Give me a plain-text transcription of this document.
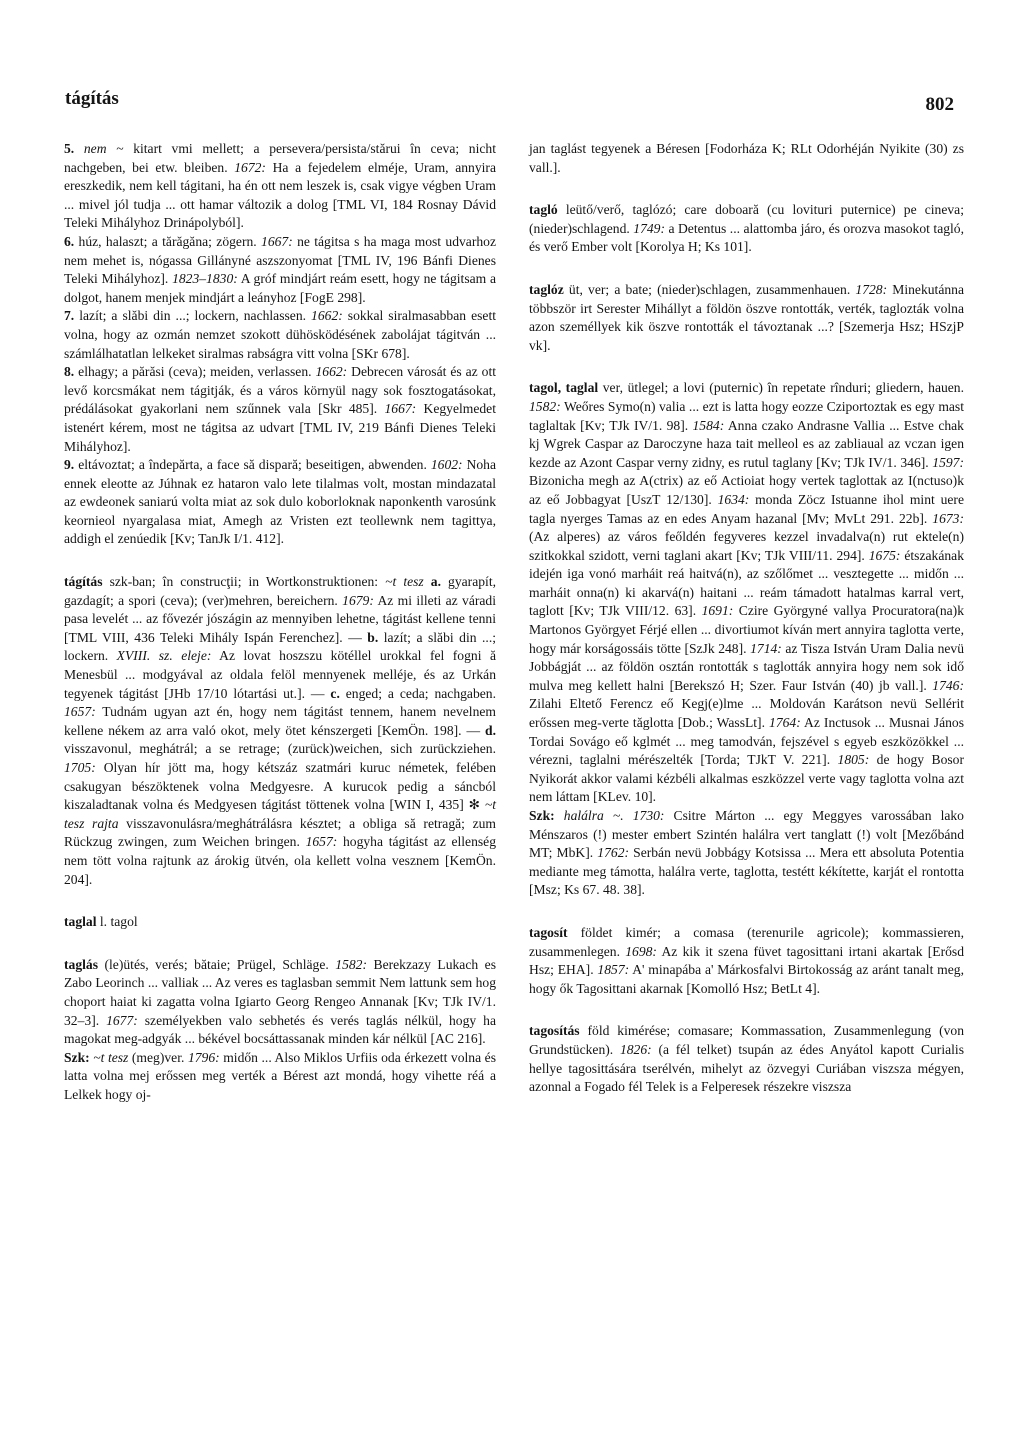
tágítás	802

5. nem ~ kitart vmi mellett; a persevera/persista/stărui în ceva; nicht nachgeben, bei etw. bleiben. 1672: Ha a fejedelem elméje, Uram, annyira ereszkedik, nem kell tágitani, ha én ott nem leszek is, csak vigye végben Uram ... mivel jól tudja ... ott hamar változik a dolog [TML VI, 184 Rosnay Dávid Teleki Mihályhoz Drinápolyból].

6. húz, halaszt; a tărăgăna; zögern. 1667: ne tágitsa s ha maga most udvarhoz nem mehet is, nógassa Gillányné aszszonyomat [TML IV, 196 Bánfi Dienes Teleki Mihályhoz]. 1823–1830: A gróf mindjárt reám esett, hogy ne tágitsam a dolgot, hanem menjek mindjárt a leányhoz [FogE 298].

7. lazít; a slăbi din ...; lockern, nachlassen. 1662: sokkal siralmasabban esett volna, hogy az ozmán nemzet szokott dühösködésének zabolájat tágitván ... számlálhatatlan lelkeket siralmas rabságra vitt volna [SKr 678].

8. elhagy; a părăsi (ceva); meiden, verlassen. 1662: Debrecen városát és az ott levő korcsmákat nem tágitják, és a város környül nagy sok fosztogatásokat, prédálásokat gyakorlani nem szűnnek vala [Skr 485]. 1667: Kegyelmedet istenért kérem, most ne tágitsa az udvart [TML IV, 219 Bánfi Dienes Teleki Mihályhoz].

9. eltávoztat; a îndepărta, a face să dispară; beseitigen, abwenden. 1602: Noha ennek eleotte az Júhnak ez hataron valo lete tilalmas volt, mostan mindazatal az ewdeonek saniarú volta miat az sok dulo koborloknak naponkenth varosúnk keornieol nyargalasa miat, Amegh az Vristen ezt teollewnk nem tagittya, addigh el zenúedik [Kv; TanJk I/1. 412].

tágítás szk-ban; în construcţii; in Wortkonstruktionen: ~t tesz a. gyarapít, gazdagít; a spori (ceva); (ver)mehren, bereichern. 1679: Az mi illeti az váradi pasa levelét ... az fővezér jószágin az mennyiben lehetne, tágitást kellene tenni [TML VIII, 436 Teleki Mihály Ispán Ferenchez]. — b. lazít; a slăbi din ...; lockern. XVIII. sz. eleje: Az lovat hoszszu kötéllel urokkal fel fogni ă Menesbül ... modgyával az oldala felöl mennyenek melléje, és az Urkán tegyenek tágitást [JHb 17/10 lótartási ut.]. — c. enged; a ceda; nachgaben. 1657: Tudnám ugyan azt én, hogy nem tágitást tennem, hanem nevelnem kellene nékem az arra való okot, mely ötet kénszergeti [KemÖn. 198]. — d. visszavonul, meghátrál; a se retrage; (zurück)weichen, sich zurückziehen. 1705: Olyan hír jött ma, hogy kétszáz szatmári kuruc németek, felében csakugyan bészöktenek volna Medgyesre. A kurucok pedig a sáncból kiszaladtanak volna és Medgyesen tágitást töttenek volna [WIN I, 435] ✻ ~t tesz rajta visszavonulásra/meghátrálásra késztet; a obliga să retragă; zum Rückzug zwingen, zum Weichen bringen. 1657: hogyha tágitást az ellenség nem tött volna rajtunk az árokig ütvén, ola kellett volna vesznem [KemÖn. 204].

taglal l. tagol

taglás (le)ütés, verés; bătaie; Prügel, Schläge. 1582: Berekzazy Lukach es Zabo Leorinch ... valliak ... Az veres es taglasban semmit Nem lattunk sem hog choport haiat ki zagatta volna Igiarto Georg Rengeo Annanak [Kv; TJk IV/1. 32–3]. 1677: személyekben valo sebhetés és verés taglás nélkül, hogy ha magokat meg-adgyák ... békével bocsáttassanak minden kár nélkül [AC 216].

Szk: ~t tesz (meg)ver. 1796: midőn ... Also Miklos Urfiis oda érkezett volna és latta volna mej erőssen meg verték a Bérest azt mondá, hogy vihette réá a Lelkek hogy oj-

jan taglást tegyenek a Béresen [Fodorháza K; RLt Odorhéján Nyikite (30) zs vall.].

tagló leütő/verő, taglózó; care doboară (cu lovituri puternice) pe cineva; (nieder)schlagend. 1749: a Detentus ... alattomba járo, és orozva masokot tagló, és verő Ember volt [Korolya H; Ks 101].

taglóz üt, ver; a bate; (nieder)schlagen, zusammenhauen. 1728: Minekutánna többször irt Serester Mihállyt a földön öszve rontották, verték, taglozták volna azon személlyek kik öszve rontották el távoztanak ...? [Szemerja Hsz; HSzjP vk].

tagol, taglal ver, ütlegel; a lovi (puternic) în repetate rînduri; gliedern, hauen. 1582: Weőres Symo(n) valia ... ezt is latta hogy eozze Cziportoztak es egy mast taglaltak [Kv; TJk IV/1. 98]. 1584: Anna czako Andrasne Vallia ... Estve chak kj Wgrek Caspar az Daroczyne haza tait melleol es az zabliaual az vczan igen kezde az Azont Caspar verny zidny, es rutul taglany [Kv; TJk IV/1. 346]. 1597: Bizonicha megh az A(ctrix) az eő Actioiat hogy vertek taglottak az I(nctuso)k az eő Jobbagyat [UszT 12/130]. 1634: monda Zöcz Istuanne ihol mint uere tagla nyerges Tamas az en edes Anyam hazanal [Mv; MvLt 291. 22b]. 1673: (Az alperes) az város feőldén fegyveres kezzel invadalva(n) rut ektele(n) szitkokkal szidott, verni taglani akart [Kv; TJk VIII/11. 294]. 1675: étszakának idején iga vonó marháit reá haitvá(n), az szőlőmet ... vesztegette ... midőn ... marháit onna(n) ki akarvá(n) haitani ... reám támadott hatalmas karral vert, taglott [Kv; TJk VIII/12. 63]. 1691: Czire Györgyné vallya Procuratora(na)k Martonos Györgyet Férjé ellen ... divortiumot kíván mert annyira taglotta verte, hogy már korságossáis tötte [SzJk 248]. 1714: az Tisza István Uram Dalia nevü Jobbágját ... az földön osztán rontották s taglották annyira hogy nem sok idő mulva meg kellett halni [Berekszó H; Szer. Faur István (40) jb vall.]. 1746: Zilahi Eltető Ferencz eő Kegj(e)lme ... Moldován Karátson nevü Sellérit erőssen meg-verte tăglotta [Dob.; WassLt]. 1764: Az Inctusok ... Musnai János Tordai Sovágo eő kglmét ... meg tamodván, fejszével s egyeb eszközökkel ... vérezni, taglalni mérészelték [Torda; TJkT V. 221]. 1805: de hogy Bosor Nyikorát akkor valami kézbéli alkalmas eszközzel verte vagy taglotta volna azt nem láttam [KLev. 10].

Szk: halálra ~. 1730: Csitre Márton ... egy Meggyes varossában lako Ménszaros (!) mester embert Szintén halálra vert tanglatt (!) volt [Mezőbánd MT; MbK]. 1762: Serbán nevü Jobbágy Kotsissa ... Mera ett absoluta Potentia mediante meg támotta, halálra verte, taglotta, testétt kékítette, karját el rontotta [Msz; Ks 67. 48. 38].

tagosít földet kimér; a comasa (terenurile agricole); kommassieren, zusammenlegen. 1698: Az kik it szena füvet tagosittani irtani akartak [Erősd Hsz; EHA]. 1857: A' minapába a' Márkosfalvi Birtokosság az aránt tanalt meg, hogy ők Tagosittani akarnak [Komolló Hsz; BetLt 4].

tagosítás föld kimérése; comasare; Kommassation, Zusammenlegung (von Grundstücken). 1826: (a fél telket) tsupán az édes Anyátol kapott Curialis hellye tagosittására tserélvén, mihelyt az özvegyi Curiában viszsza mégyen, azonnal a Fogado fél Telek is a Felperesek részekre viszsza
